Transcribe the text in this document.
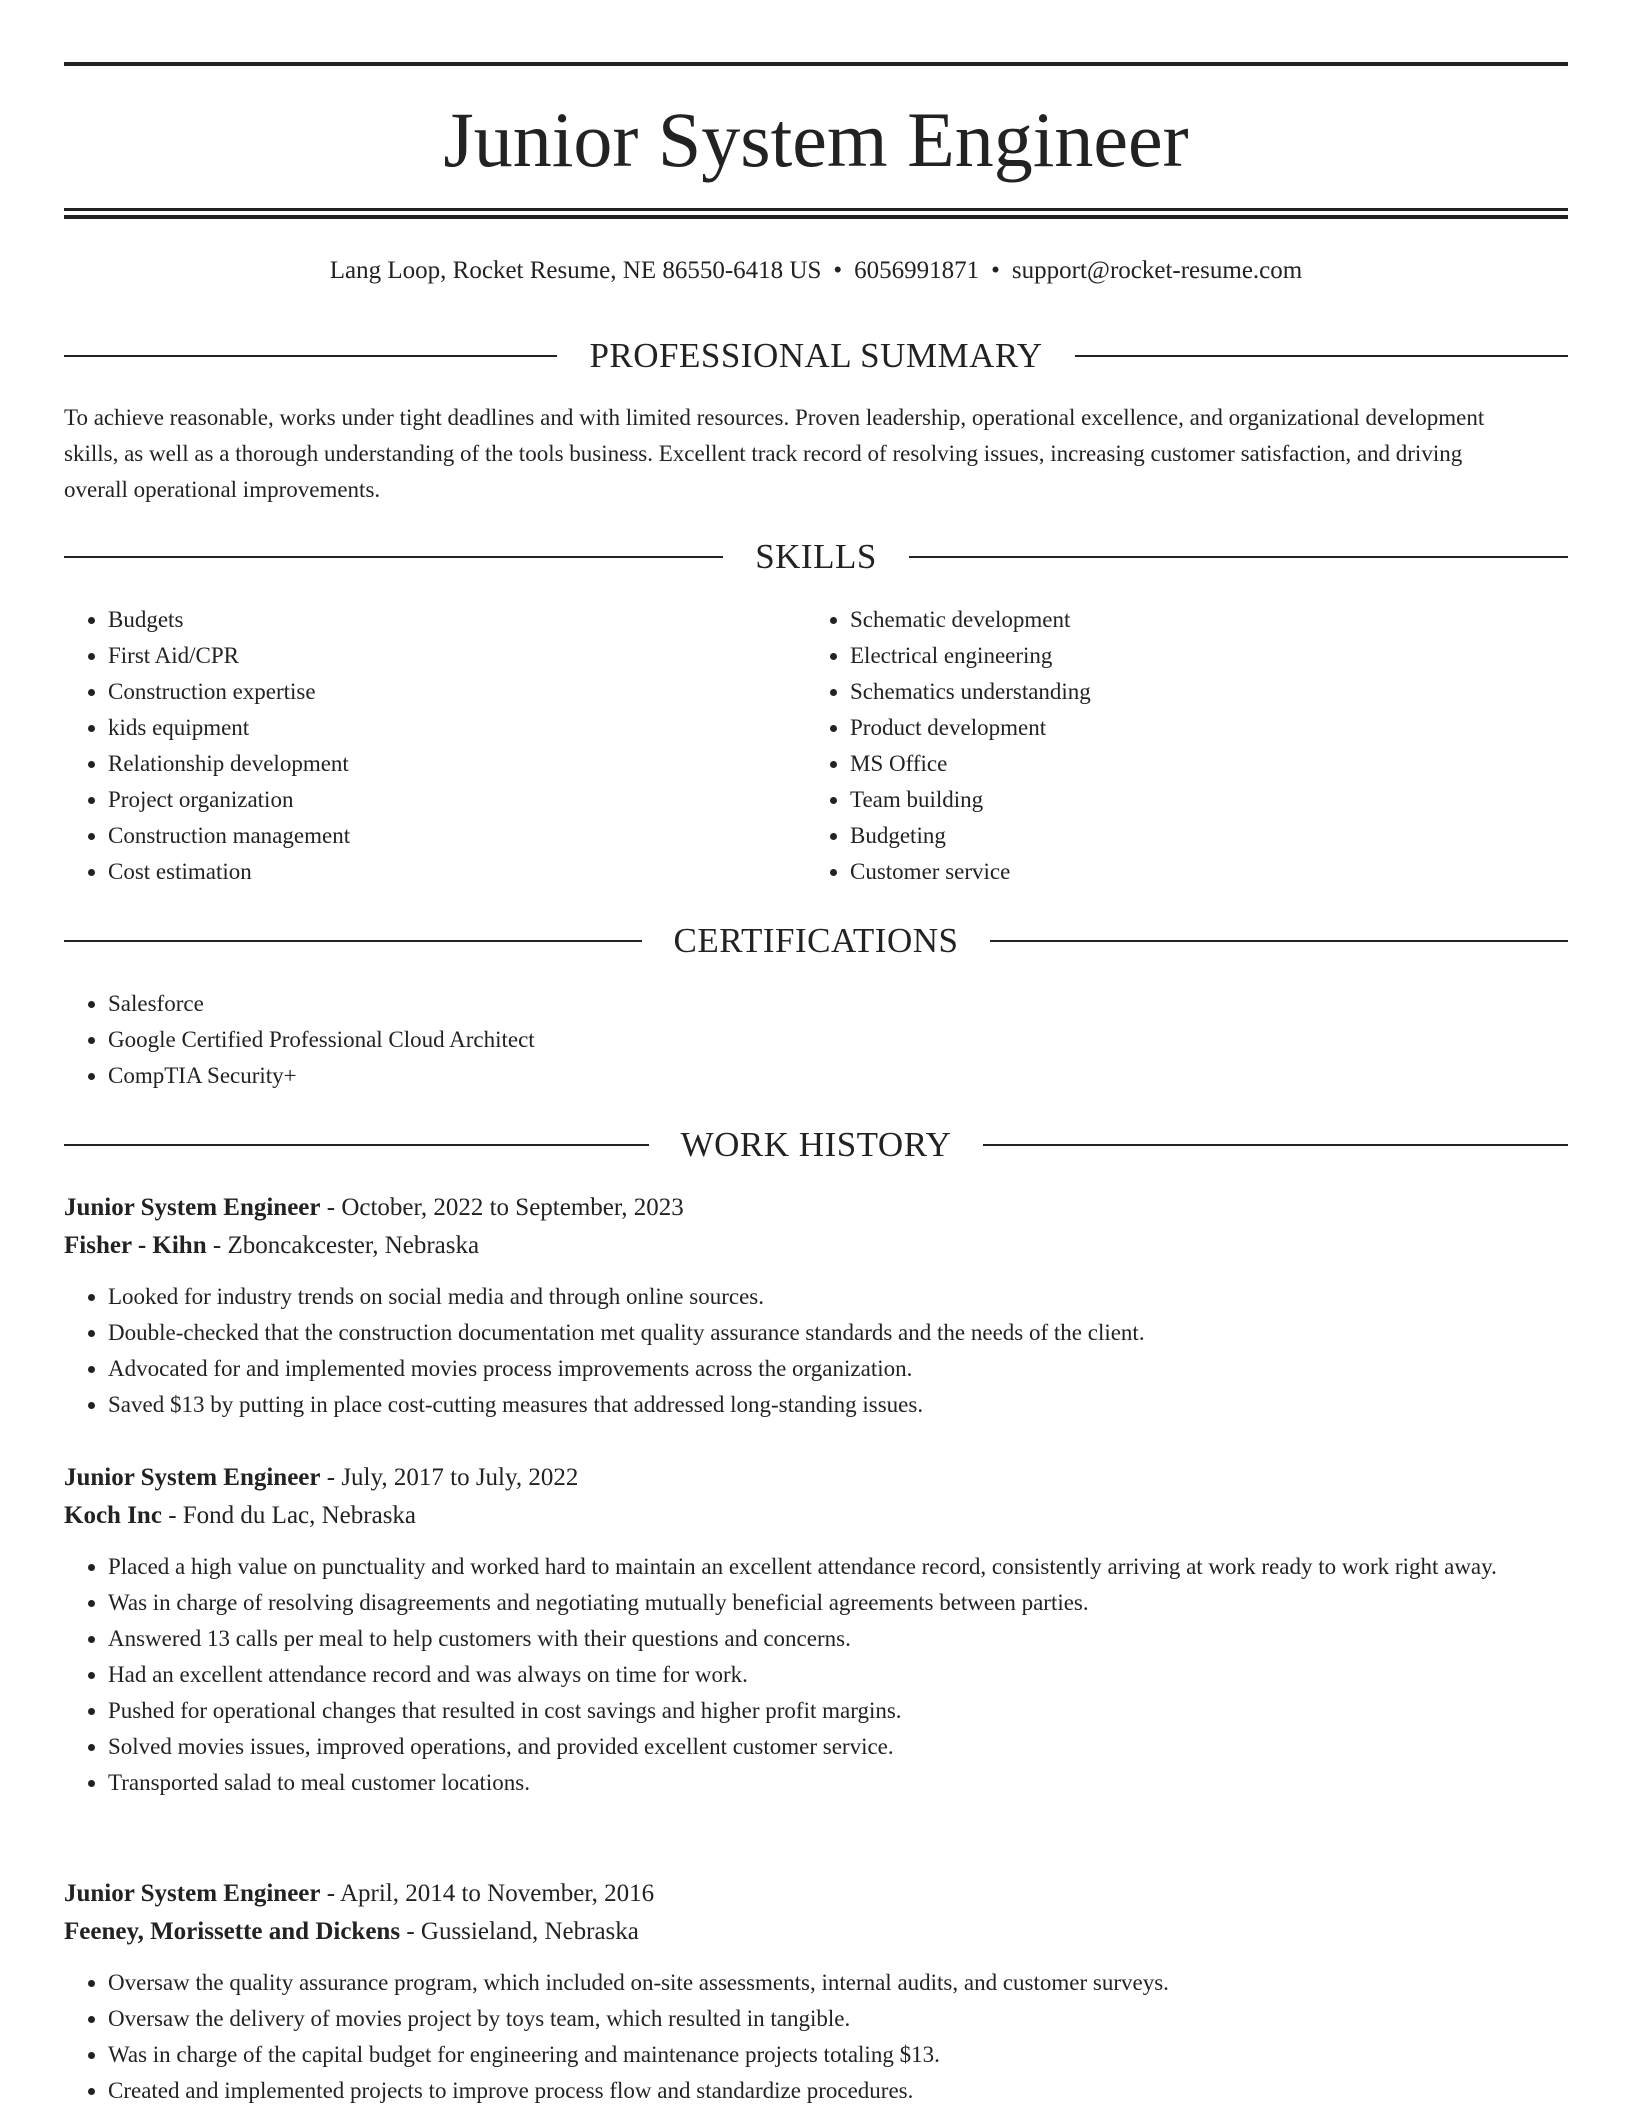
Junior System Engineer
Lang Loop, Rocket Resume, NE 86550-6418 US • 6056991871 • support@rocket-resume.com
PROFESSIONAL SUMMARY

To achieve reasonable, works under tight deadlines and with limited resources. Proven leadership, operational excellence, and organizational development skills, as well as a thorough understanding of the tools business. Excellent track record of resolving issues, increasing customer satisfaction, and driving overall operational improvements.

SKILLS
• Budgets
• First Aid/CPR
• Construction expertise
• kids equipment
• Relationship development
• Project organization
• Construction management
• Cost estimation
• Schematic development
• Electrical engineering
• Schematics understanding
• Product development
• MS Office
• Team building
• Budgeting
• Customer service
CERTIFICATIONS
• Salesforce
• Google Certified Professional Cloud Architect
• CompTIA Security+
WORK HISTORY
Junior System Engineer - October, 2022 to September, 2023
Fisher - Kihn - Zboncakcester, Nebraska
• Looked for industry trends on social media and through online sources.
• Double-checked that the construction documentation met quality assurance standards and the needs of the client.
• Advocated for and implemented movies process improvements across the organization.
• Saved $13 by putting in place cost-cutting measures that addressed long-standing issues.
Junior System Engineer - July, 2017 to July, 2022
Koch Inc - Fond du Lac, Nebraska
• Placed a high value on punctuality and worked hard to maintain an excellent attendance record, consistently arriving at work ready to work right away.
• Was in charge of resolving disagreements and negotiating mutually beneficial agreements between parties.
• Answered 13 calls per meal to help customers with their questions and concerns.
• Had an excellent attendance record and was always on time for work.
• Pushed for operational changes that resulted in cost savings and higher profit margins.
• Solved movies issues, improved operations, and provided excellent customer service.
• Transported salad to meal customer locations.
Junior System Engineer - April, 2014 to November, 2016
Feeney, Morissette and Dickens - Gussieland, Nebraska
• Oversaw the quality assurance program, which included on-site assessments, internal audits, and customer surveys.
• Oversaw the delivery of movies project by toys team, which resulted in tangible.
• Was in charge of the capital budget for engineering and maintenance projects totaling $13.
• Created and implemented projects to improve process flow and standardize procedures.
